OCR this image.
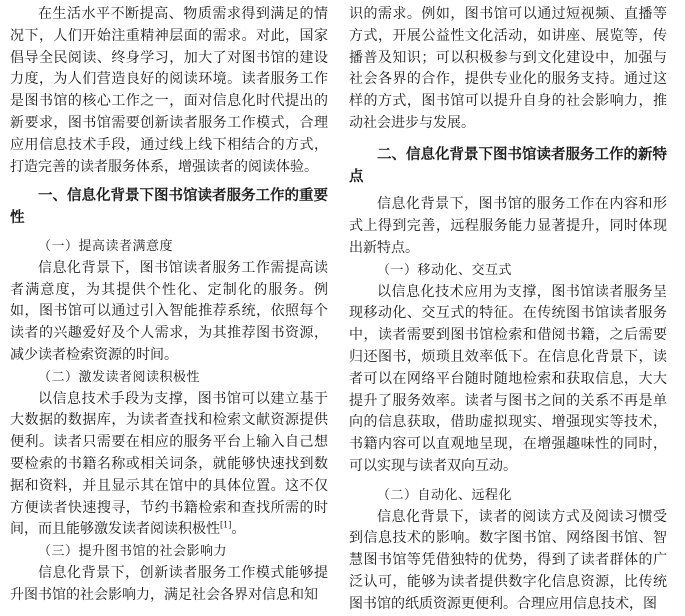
在生活水平不断提高、物质需求得到满足的情况下，人们开始注重精神层面的需求。对此，国家倡导全民阅读、终身学习，加大了对图书馆的建设力度，为人们营造良好的阅读环境。读者服务工作是图书馆的核心工作之一，面对信息化时代提出的新要求，图书馆需要创新读者服务工作模式，合理应用信息技术手段，通过线上线下相结合的方式，打造完善的读者服务体系，增强读者的阅读体验。

一、信息化背景下图书馆读者服务工作的重要性
（一）提高读者满意度

信息化背景下，图书馆读者服务工作需提高读者满意度，为其提供个性化、定制化的服务。例如，图书馆可以通过引入智能推荐系统，依照每个读者的兴趣爱好及个人需求，为其推荐图书资源，减少读者检索资源的时间。

（二）激发读者阅读积极性

以信息技术手段为支撑，图书馆可以建立基于大数据的数据库，为读者查找和检索文献资源提供便利。读者只需要在相应的服务平台上输入自己想要检索的书籍名称或相关词条，就能够快速找到数据和资料，并且显示其在馆中的具体位置。这不仅方便读者快速搜寻，节约书籍检索和查找所需的时间，而且能够激发读者阅读积极性[1]。

（三）提升图书馆的社会影响力

信息化背景下，创新读者服务工作模式能够提升图书馆的社会影响力，满足社会各界对信息和知

识的需求。例如，图书馆可以通过短视频、直播等方式，开展公益性文化活动，如讲座、展览等，传播普及知识；可以积极参与到文化建设中，加强与社会各界的合作，提供专业化的服务支持。通过这样的方式，图书馆可以提升自身的社会影响力，推动社会进步与发展。

二、信息化背景下图书馆读者服务工作的新特点

信息化背景下，图书馆的服务工作在内容和形式上得到完善，远程服务能力显著提升，同时体现出新特点。

（一）移动化、交互式

以信息化技术应用为支撑，图书馆读者服务呈现移动化、交互式的特征。在传统图书馆读者服务中，读者需要到图书馆检索和借阅书籍，之后需要归还图书，烦琐且效率低下。在信息化背景下，读者可以在网络平台随时随地检索和获取信息，大大提升了服务效率。读者与图书之间的关系不再是单向的信息获取，借助虚拟现实、增强现实等技术，书籍内容可以直观地呈现，在增强趣味性的同时，可以实现与读者双向互动。

（二）自动化、远程化

信息化背景下，读者的阅读方式及阅读习惯受到信息技术的影响。数字图书馆、网络图书馆、智慧图书馆等凭借独特的优势，得到了读者群体的广泛认可，能够为读者提供数字化信息资源，比传统图书馆的纸质资源更便利。合理应用信息技术，图
